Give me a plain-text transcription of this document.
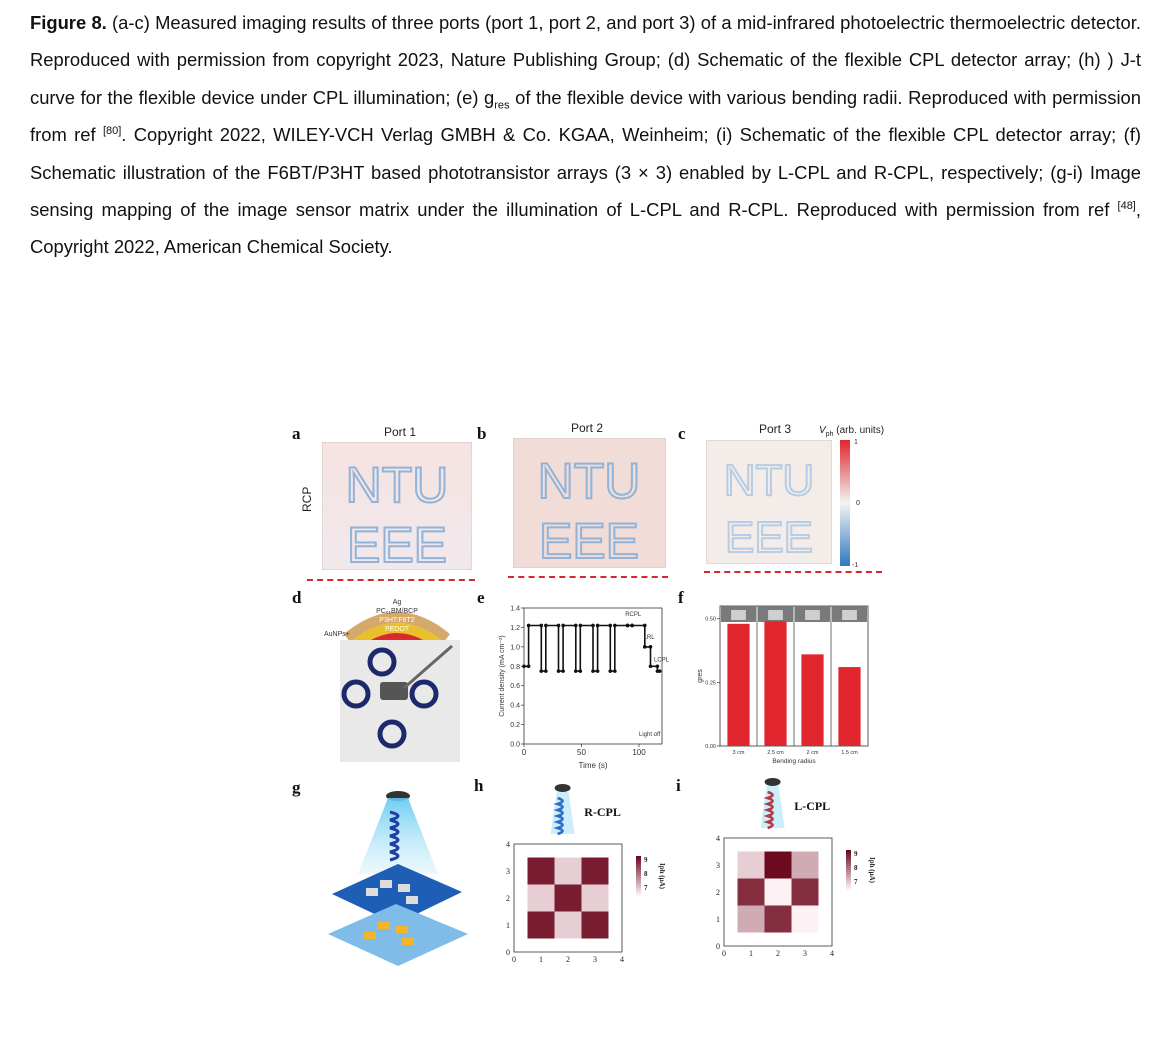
Figure 8. (a-c) Measured imaging results of three ports (port 1, port 2, and port 3) of a mid-infrared photoelectric thermoelectric detector. Reproduced with permission from copyright 2023, Nature Publishing Group; (d) Schematic of the flexible CPL detector array; (h) ) J-t curve for the flexible device under CPL illumination; (e) $g_{res}$ of the flexible device with various bending radii. Reproduced with permission from ref [80]. Copyright 2022, WILEY-VCH Verlag GMBH & Co. KGAA, Weinheim; (i) Schematic of the flexible CPL detector array; (f) Schematic illustration of the F6BT/P3HT based phototransistor arrays (3 × 3) enabled by L-CPL and R-CPL, respectively; (g-i) Image sensing mapping of the image sensor matrix under the illumination of L-CPL and R-CPL. Reproduced with permission from ref [48], Copyright 2022, American Chemical Society.
a	b	c
d	e	f
g	h	i
Port 1	Port 2	Port 3
RCP NTU
EEE
NTU
EEE
NTU
EEE
$V_{ph}$ (arb. units)
1
0
-1
Ag
PC₆₁BM/BCP
P3HT:F8T2
PEDOT
AuNPs+
0.0
0.2
0.4
0.6
0.8
1.0
1.2
1.4
0	50	100
Time (s)
Current density (mA cm⁻²)
RCPL
LRL
LCPL
Light off
3 cm	2.5 cm	2 cm	1.5 cm
0.00
0.25
0.50
Bending radius
gres
R-CPL
0
0
1
1
2
2
3
3
4
4
9
8
7 Iph (μA)
L-CPL
0
0
1
1
2
2
3
3
4
4
9
8
7 Iph (μA)
